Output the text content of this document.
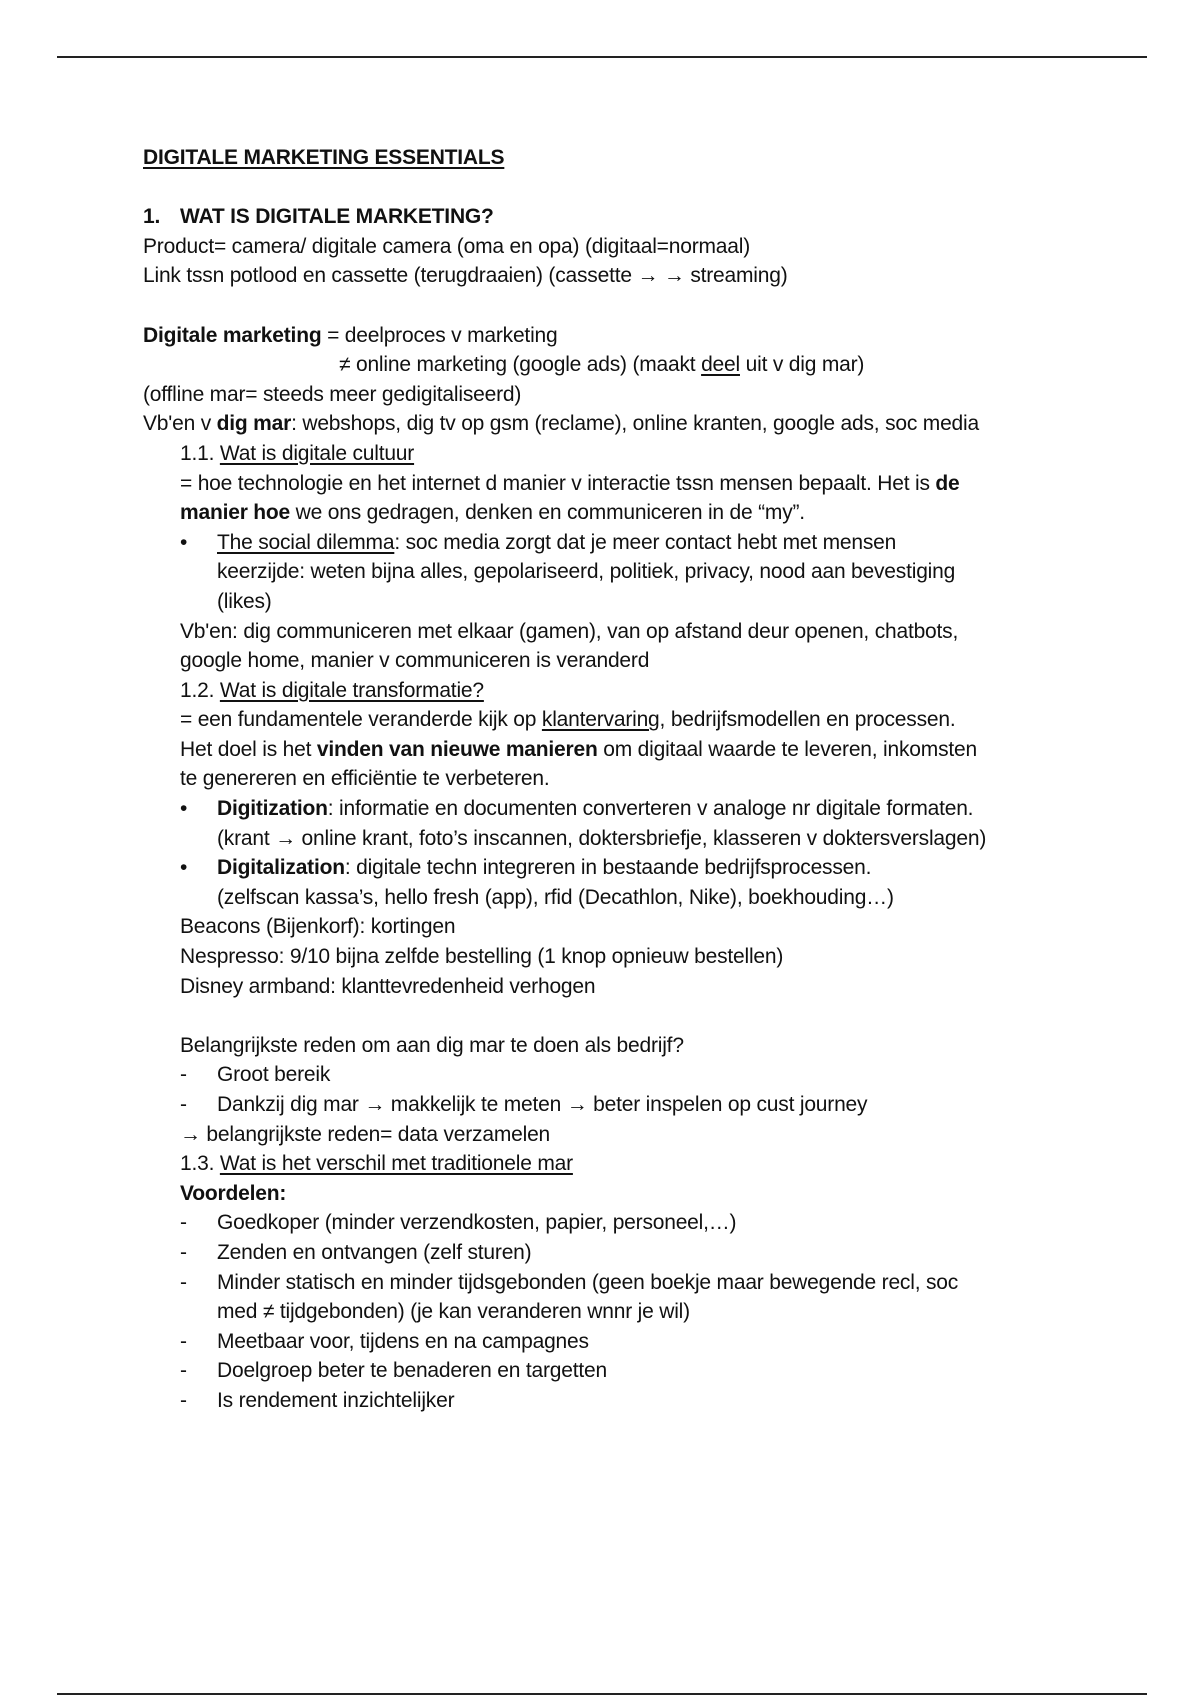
DIGITALE MARKETING ESSENTIALS
1. WAT IS DIGITALE MARKETING?
Product= camera/ digitale camera (oma en opa) (digitaal=normaal)
Link tssn potlood en cassette (terugdraaien) (cassette → → streaming)
Digitale marketing = deelproces v marketing
≠ online marketing (google ads) (maakt deel uit v dig mar)
(offline mar= steeds meer gedigitaliseerd)
Vb'en v dig mar: webshops, dig tv op gsm (reclame), online kranten, google ads, soc media
1.1. Wat is digitale cultuur
= hoe technologie en het internet d manier v interactie tssn mensen bepaalt. Het is de
manier hoe we ons gedragen, denken en communiceren in de “my”.
• The social dilemma: soc media zorgt dat je meer contact hebt met mensen
keerzijde: weten bijna alles, gepolariseerd, politiek, privacy, nood aan bevestiging
(likes)
Vb'en: dig communiceren met elkaar (gamen), van op afstand deur openen, chatbots,
google home, manier v communiceren is veranderd
1.2. Wat is digitale transformatie?
= een fundamentele veranderde kijk op klantervaring, bedrijfsmodellen en processen.
Het doel is het vinden van nieuwe manieren om digitaal waarde te leveren, inkomsten
te genereren en efficiëntie te verbeteren.
• Digitization: informatie en documenten converteren v analoge nr digitale formaten.
(krant → online krant, foto’s inscannen, doktersbriefje, klasseren v doktersverslagen)
• Digitalization: digitale techn integreren in bestaande bedrijfsprocessen.
(zelfscan kassa’s, hello fresh (app), rfid (Decathlon, Nike), boekhouding…)
Beacons (Bijenkorf): kortingen
Nespresso: 9/10 bijna zelfde bestelling (1 knop opnieuw bestellen)
Disney armband: klanttevredenheid verhogen
Belangrijkste reden om aan dig mar te doen als bedrijf?
- Groot bereik
- Dankzij dig mar → makkelijk te meten → beter inspelen op cust journey
→ belangrijkste reden= data verzamelen
1.3. Wat is het verschil met traditionele mar
Voordelen:
- Goedkoper (minder verzendkosten, papier, personeel,…)
- Zenden en ontvangen (zelf sturen)
- Minder statisch en minder tijdsgebonden (geen boekje maar bewegende recl, soc
med ≠ tijdgebonden) (je kan veranderen wnnr je wil)
- Meetbaar voor, tijdens en na campagnes
- Doelgroep beter te benaderen en targetten
- Is rendement inzichtelijker
